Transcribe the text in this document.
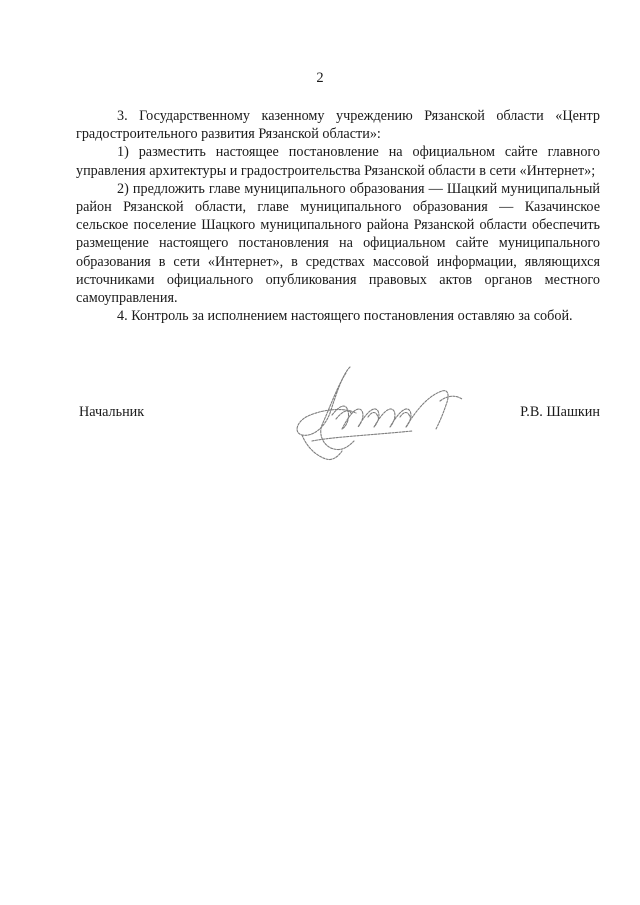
2

3. Государственному казенному учреждению Рязанской области «Центр градостроительного развития Рязанской области»:

1) разместить настоящее постановление на официальном сайте главного управления архитектуры и градостроительства Рязанской области в сети «Интернет»;

2) предложить главе муниципального образования — Шацкий муниципальный район Рязанской области, главе муниципального образования — Казачинское сельское поселение Шацкого муниципального района Рязанской области обеспечить размещение настоящего постановления на официальном сайте муниципального образования в сети «Интернет», в средствах массовой информации, являющихся источниками официального опубликования правовых актов органов местного самоуправления.

4. Контроль за исполнением настоящего постановления оставляю за собой.

Начальник	Р.В. Шашкин
